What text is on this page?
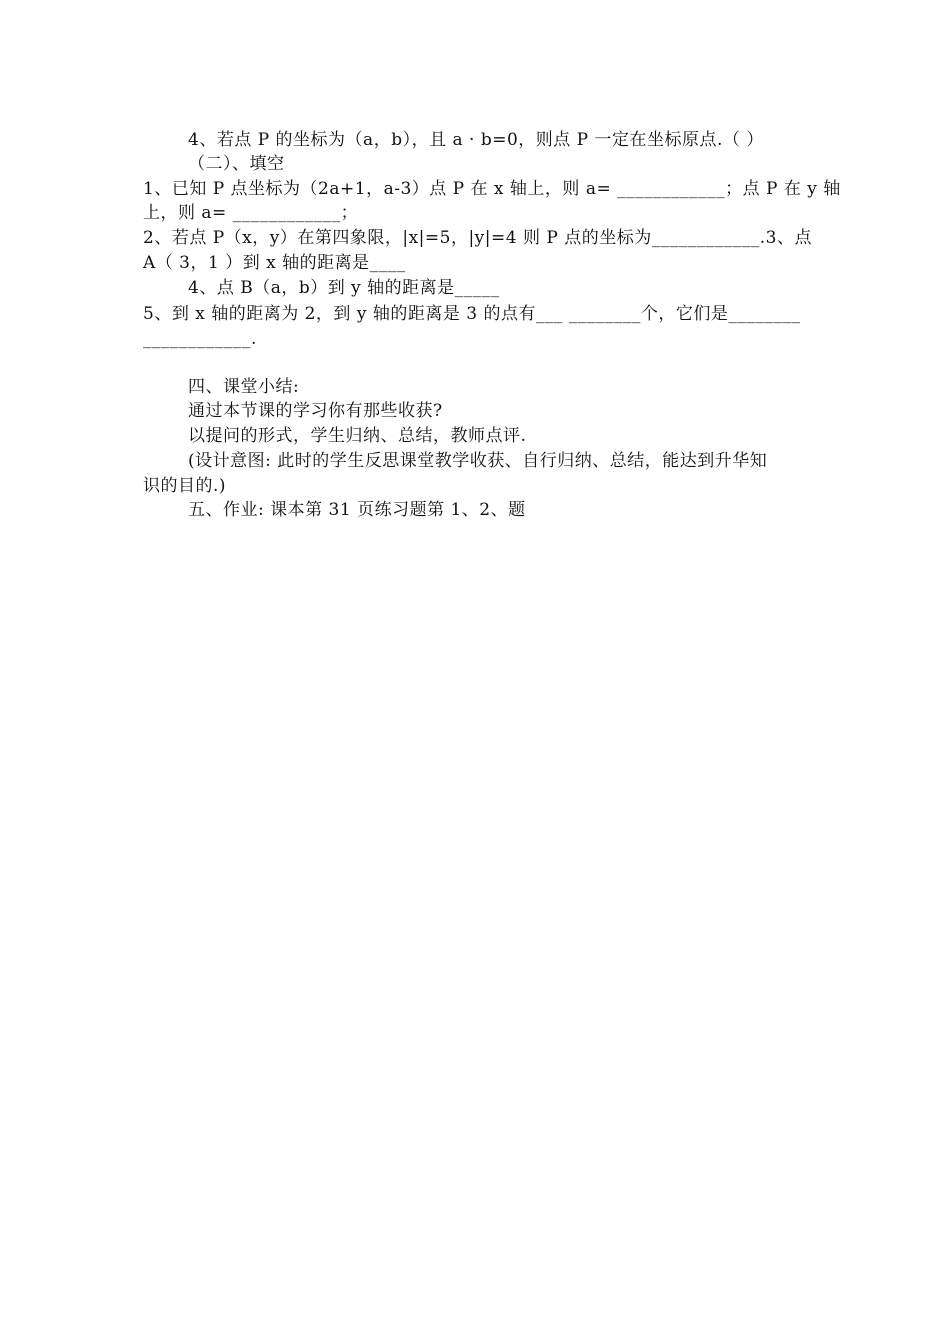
4、若点 P 的坐标为（a，b），且 a · b=0，则点 P 一定在坐标原点.（ ）
（二）、填空
1、已知 P 点坐标为（2a+1，a-3）点 P 在 x 轴上，则 a= ____________；点 P 在 y 轴
上，则 a= ____________；
2、若点 P（x，y）在第四象限，|x|=5，|y|=4 则 P 点的坐标为____________.3、点
A（ 3，1 ）到 x 轴的距离是____
4、点 B（a，b）到 y 轴的距离是_____
5、到 x 轴的距离为 2，到 y 轴的距离是 3 的点有___ ________个，它们是________
____________.
四、课堂小结:
通过本节课的学习你有那些收获?
以提问的形式，学生归纳、总结，教师点评.
(设计意图: 此时的学生反思课堂教学收获、自行归纳、总结，能达到升华知
识的目的.)
五、作业: 课本第 31 页练习题第 1、2、题
